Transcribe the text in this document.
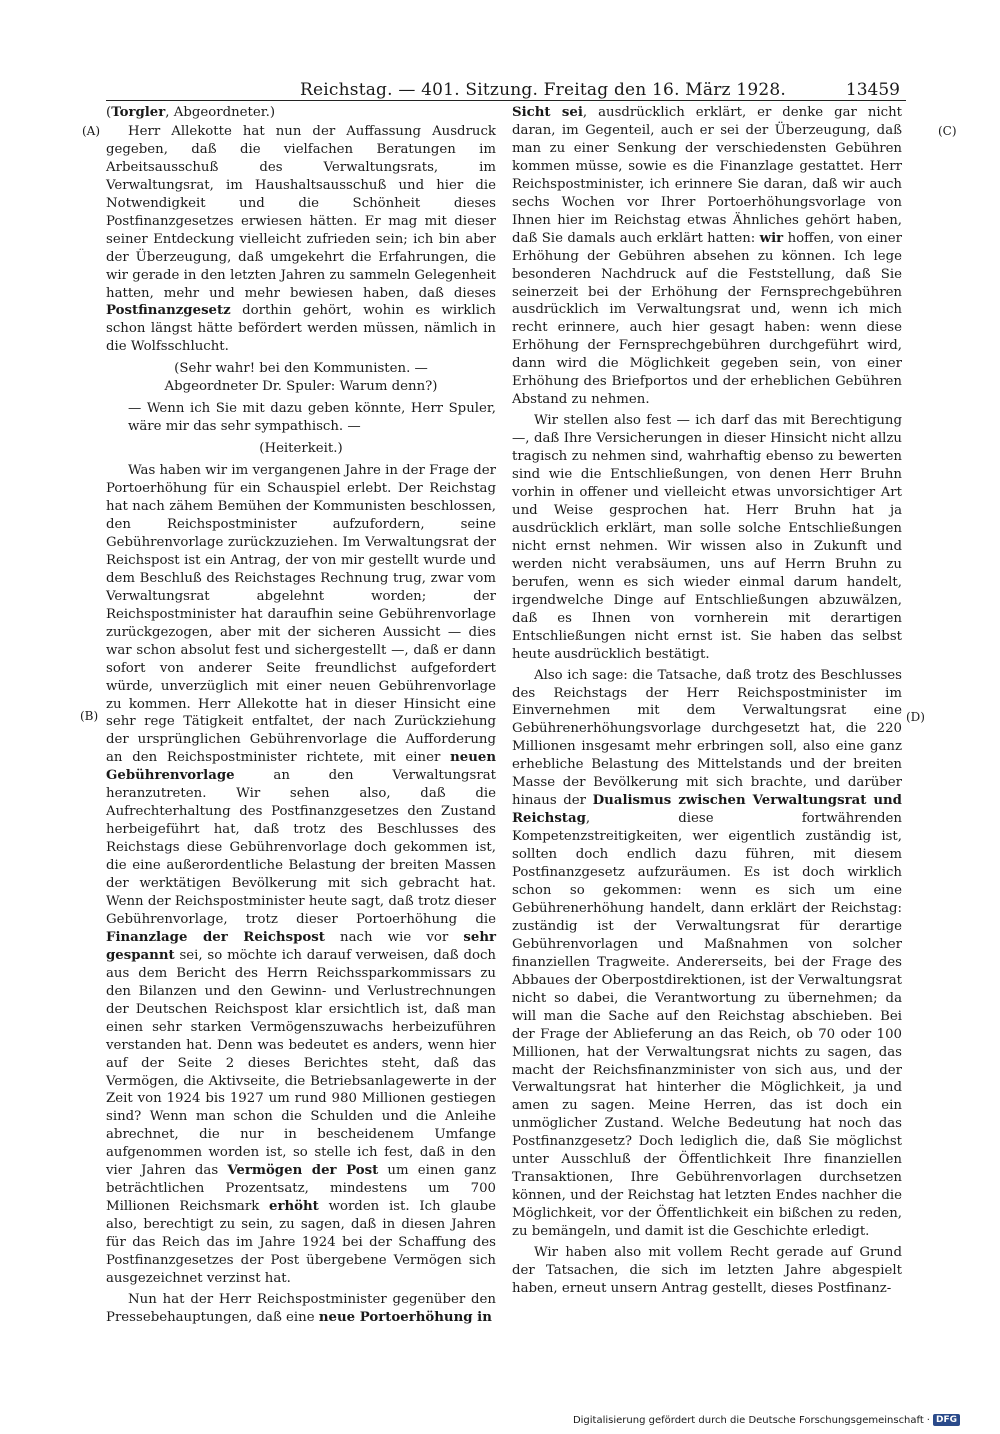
Reichstag. — 401. Sitzung. Freitag den 16. März 1928.	13459
(A)
(B)
(C)
(D)

(Torgler, Abgeordneter.)

Herr Allekotte hat nun der Auffassung Ausdruck gegeben, daß die vielfachen Beratungen im Arbeitsausschuß des Verwaltungsrats, im Verwaltungsrat, im Haushaltsausschuß und hier die Notwendigkeit und die Schönheit dieses Postfinanzgesetzes erwiesen hätten. Er mag mit dieser seiner Entdeckung vielleicht zufrieden sein; ich bin aber der Überzeugung, daß umgekehrt die Erfahrungen, die wir gerade in den letzten Jahren zu sammeln Gelegenheit hatten, mehr und mehr bewiesen haben, daß dieses Postfinanzgesetz dorthin gehört, wohin es wirklich schon längst hätte befördert werden müssen, nämlich in die Wolfsschlucht.

(Sehr wahr! bei den Kommunisten. — Abgeordneter Dr. Spuler: Warum denn?)

— Wenn ich Sie mit dazu geben könnte, Herr Spuler, wäre mir das sehr sympathisch. —

(Heiterkeit.)

Was haben wir im vergangenen Jahre in der Frage der Portoerhöhung für ein Schauspiel erlebt. Der Reichstag hat nach zähem Bemühen der Kommunisten beschlossen, den Reichspostminister aufzufordern, seine Gebührenvorlage zurückzuziehen. Im Verwaltungsrat der Reichspost ist ein Antrag, der von mir gestellt wurde und dem Beschluß des Reichstages Rechnung trug, zwar vom Verwaltungsrat abgelehnt worden; der Reichspostminister hat daraufhin seine Gebührenvorlage zurückgezogen, aber mit der sicheren Aussicht — dies war schon absolut fest und sichergestellt —, daß er dann sofort von anderer Seite freundlichst aufgefordert würde, unverzüglich mit einer neuen Gebührenvorlage zu kommen. Herr Allekotte hat in dieser Hinsicht eine sehr rege Tätigkeit entfaltet, der nach Zurückziehung der ursprünglichen Gebührenvorlage die Aufforderung an den Reichspostminister richtete, mit einer neuen Gebührenvorlage	an den Verwaltungsrat heranzutreten. Wir sehen also, daß die Aufrechterhaltung des Postfinanzgesetzes den Zustand herbeigeführt hat, daß trotz des Beschlusses des Reichstags diese Gebührenvorlage doch gekommen ist, die eine außerordentliche Belastung der breiten Massen der werktätigen Bevölkerung mit sich gebracht hat. Wenn der Reichspostminister heute sagt, daß trotz dieser Gebührenvorlage, trotz dieser Portoerhöhung die Finanzlage der Reichspost nach wie vor sehr gespannt sei, so möchte ich darauf verweisen, daß doch aus dem Bericht des Herrn Reichssparkommissars zu den Bilanzen und den Gewinn- und Verlustrechnungen der Deutschen Reichspost klar ersichtlich ist, daß man einen sehr starken Vermögenszuwachs herbeizuführen verstanden hat. Denn was bedeutet es anders, wenn hier auf der Seite 2 dieses Berichtes steht, daß das Vermögen, die Aktivseite, die Betriebsanlagewerte in der Zeit von 1924 bis 1927 um rund 980 Millionen gestiegen sind? Wenn man schon die Schulden und die Anleihe abrechnet, die nur in bescheidenem Umfange aufgenommen worden ist, so stelle ich fest, daß in den vier Jahren das Vermögen der Post um einen ganz beträchtlichen Prozentsatz, mindestens um 700 Millionen Reichsmark erhöht worden ist. Ich glaube also, berechtigt zu sein, zu sagen, daß in diesen Jahren für das Reich das im Jahre 1924 bei der Schaffung des Postfinanzgesetzes der Post übergebene Vermögen sich ausgezeichnet verzinst hat.

Nun hat der Herr Reichspostminister gegenüber den Pressebehauptungen, daß eine neue Portoerhöhung in

Sicht sei, ausdrücklich erklärt, er denke gar nicht daran, im Gegenteil, auch er sei der Überzeugung, daß man zu einer Senkung der verschiedensten Gebühren kommen müsse, sowie es die Finanzlage gestattet. Herr Reichspostminister, ich erinnere Sie daran, daß wir auch sechs Wochen vor Ihrer Portoerhöhungsvorlage von Ihnen hier im Reichstag etwas Ähnliches gehört haben, daß Sie damals auch erklärt hatten: wir hoffen, von einer Erhöhung der Gebühren absehen zu können. Ich lege besonderen Nachdruck auf die Feststellung, daß Sie seinerzeit bei der Erhöhung der Fernsprechgebühren ausdrücklich im Verwaltungsrat und, wenn ich mich recht erinnere, auch hier gesagt haben: wenn diese Erhöhung der Fernsprechgebühren durchgeführt wird, dann wird die Möglichkeit gegeben sein, von einer Erhöhung des Briefportos und der erheblichen Gebühren Abstand zu nehmen.

Wir stellen also fest — ich darf das mit Berechtigung —, daß Ihre Versicherungen in dieser Hinsicht nicht allzu tragisch zu nehmen sind, wahrhaftig ebenso zu bewerten sind wie die Entschließungen, von denen Herr Bruhn vorhin in offener und vielleicht etwas unvorsichtiger Art und Weise gesprochen hat. Herr Bruhn hat ja ausdrücklich erklärt, man solle solche Entschließungen nicht ernst nehmen. Wir wissen also in Zukunft und werden nicht verabsäumen, uns auf Herrn Bruhn zu berufen, wenn es sich wieder einmal darum handelt, irgendwelche Dinge auf Entschließungen abzuwälzen, daß es Ihnen von vornherein mit derartigen Entschließungen nicht ernst ist. Sie haben das selbst heute ausdrücklich bestätigt.

Also ich sage: die Tatsache, daß trotz des Beschlusses des Reichstags der Herr Reichspostminister im Einvernehmen mit dem Verwaltungsrat eine Gebührenerhöhungsvorlage durchgesetzt hat, die 220 Millionen insgesamt mehr erbringen soll, also eine ganz erhebliche Belastung des Mittelstands und der breiten Masse der Bevölkerung mit sich brachte, und darüber hinaus der Dualismus zwischen Verwaltungsrat und Reichstag, diese fortwährenden Kompetenzstreitigkeiten, wer eigentlich zuständig ist, sollten doch endlich dazu führen, mit diesem Postfinanzgesetz aufzuräumen. Es ist doch wirklich schon so gekommen: wenn es sich um eine Gebührenerhöhung handelt, dann erklärt der Reichstag: zuständig ist der Verwaltungsrat für derartige Gebührenvorlagen und Maßnahmen von solcher finanziellen Tragweite. Andererseits, bei der Frage des Abbaues der Oberpostdirektionen, ist der Verwaltungsrat nicht so dabei, die Verantwortung zu übernehmen; da will man die Sache auf den Reichstag abschieben. Bei der Frage der Ablieferung an das Reich, ob 70 oder 100 Millionen, hat der Verwaltungsrat nichts zu sagen, das macht der Reichsfinanzminister von sich aus, und der Verwaltungsrat hat hinterher die Möglichkeit, ja und amen zu sagen. Meine Herren, das ist doch ein unmöglicher Zustand. Welche Bedeutung hat noch das Postfinanzgesetz? Doch lediglich die, daß Sie möglichst unter Ausschluß der Öffentlichkeit Ihre finanziellen Transaktionen, Ihre Gebührenvorlagen durchsetzen können, und der Reichstag hat letzten Endes nachher die Möglichkeit, vor der Öffentlichkeit ein bißchen zu reden, zu bemängeln, und damit ist die Geschichte erledigt.

Wir haben also mit vollem Recht gerade auf Grund der Tatsachen, die sich im letzten Jahre abgespielt haben, erneut unsern Antrag gestellt, dieses Postfinanz-

Digitalisierung gefördert durch die Deutsche Forschungsgemeinschaft · DFG
